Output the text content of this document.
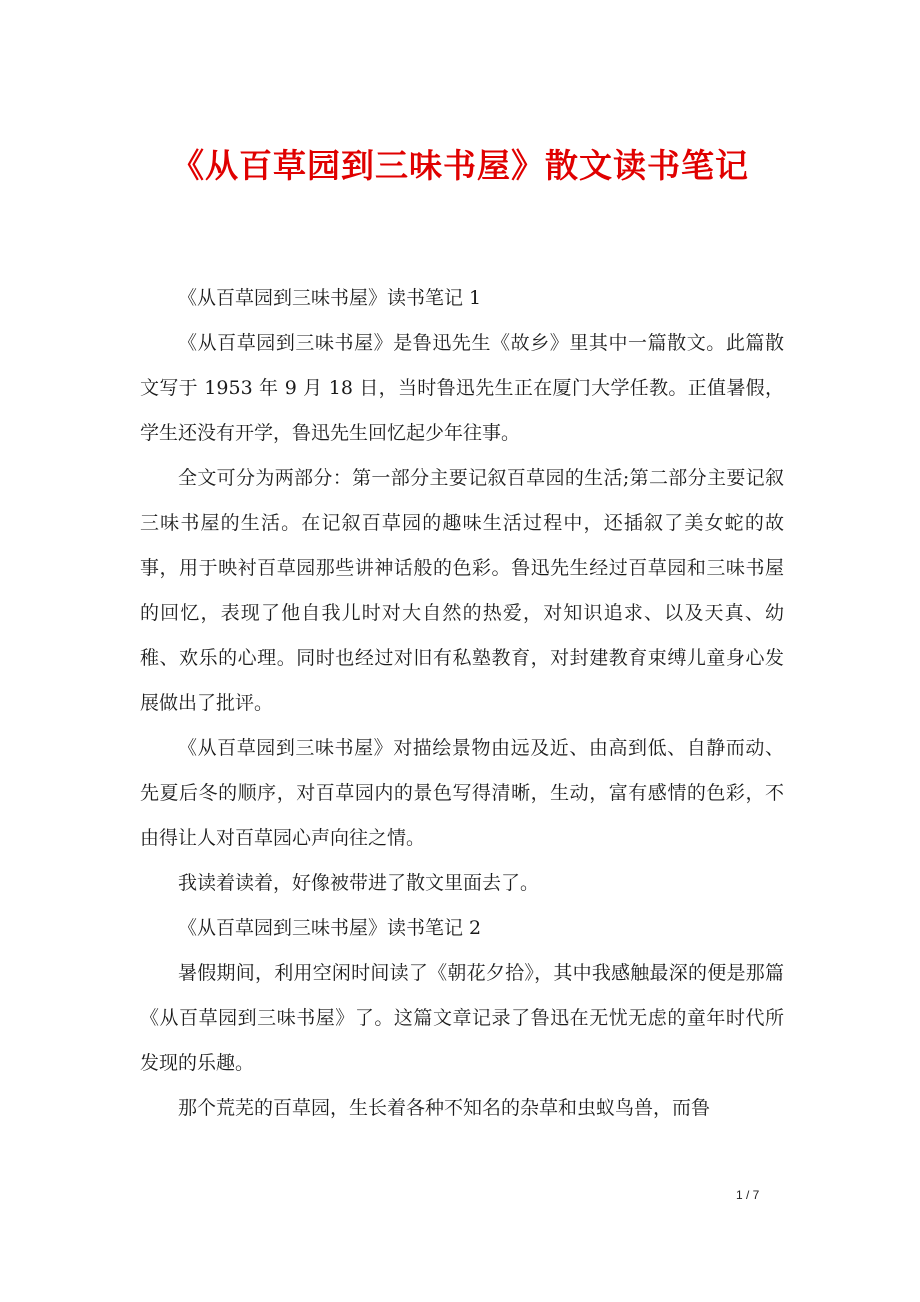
《从百草园到三味书屋》散文读书笔记

《从百草园到三味书屋》读书笔记 1

《从百草园到三味书屋》是鲁迅先生《故乡》里其中一篇散文。此篇散文写于 1953 年 9 月 18 日，当时鲁迅先生正在厦门大学任教。正值暑假，学生还没有开学，鲁迅先生回忆起少年往事。

全文可分为两部分：第一部分主要记叙百草园的生活;第二部分主要记叙三味书屋的生活。在记叙百草园的趣味生活过程中，还插叙了美女蛇的故事，用于映衬百草园那些讲神话般的色彩。鲁迅先生经过百草园和三味书屋的回忆，表现了他自我儿时对大自然的热爱，对知识追求、以及天真、幼稚、欢乐的心理。同时也经过对旧有私塾教育，对封建教育束缚儿童身心发展做出了批评。

《从百草园到三味书屋》对描绘景物由远及近、由高到低、自静而动、先夏后冬的顺序，对百草园内的景色写得清晰，生动，富有感情的色彩，不由得让人对百草园心声向往之情。

我读着读着，好像被带进了散文里面去了。

《从百草园到三味书屋》读书笔记 2

暑假期间，利用空闲时间读了《朝花夕拾》，其中我感触最深的便是那篇《从百草园到三味书屋》了。这篇文章记录了鲁迅在无忧无虑的童年时代所发现的乐趣。

那个荒芜的百草园，生长着各种不知名的杂草和虫蚁鸟兽，而鲁

1 / 7
